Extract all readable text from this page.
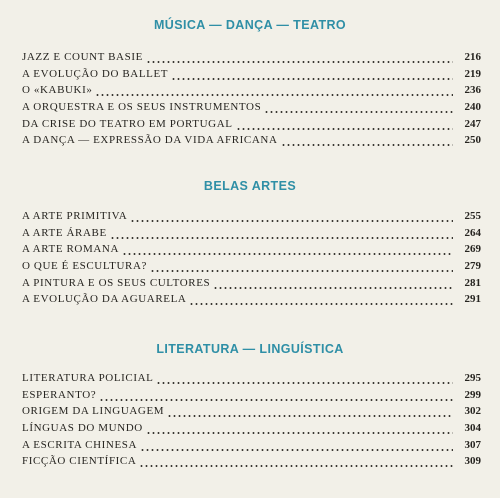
MÚSICA — DANÇA — TEATRO
JAZZ E COUNT BASIE	216
A EVOLUÇÃO DO BALLET	219
O «KABUKI»	236
A ORQUESTRA E OS SEUS INSTRUMENTOS	240
DA CRISE DO TEATRO EM PORTUGAL	247
A DANÇA — EXPRESSÃO DA VIDA AFRICANA	250
BELAS ARTES
A ARTE PRIMITIVA	255
A ARTE ÁRABE	264
A ARTE ROMANA	269
O QUE É ESCULTURA?	279
A PINTURA E OS SEUS CULTORES	281
A EVOLUÇÃO DA AGUARELA	291
LITERATURA — LINGUÍSTICA
LITERATURA POLICIAL	295
ESPERANTO?	299
ORIGEM DA LINGUAGEM	302
LÍNGUAS DO MUNDO	304
A ESCRITA CHINESA	307
FICÇÃO CIENTÍFICA	309
